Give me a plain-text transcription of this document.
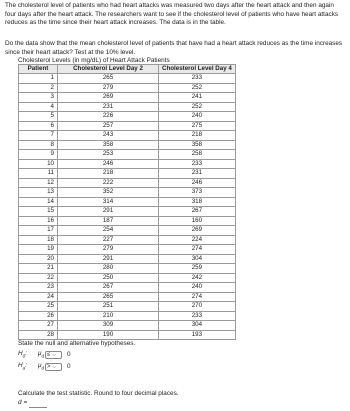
The cholesterol level of patients who had heart attacks was measured two days after the heart attack and then again four days after the heart attack. The researchers want to see if the cholesterol level of patients who have heart attacks reduces as the time since their heart attack increases. The data is in the table.
Do the data show that the mean cholesterol level of patients that have had a heart attack reduces as the time increases since their heart attack? Test at the 10% level.
Cholesterol Levels (in mg/dL) of Heart Attack Patients
Patient	Cholesterol Level Day 2	Cholesterol Level Day 4
1	265	233
2	279	252
3	269	241
4	231	252
5	226	240
6	257	275
7	243	218
8	358	358
9	253	258
10	246	233
11	218	231
12	222	246
13	352	373
14	314	318
15	291	267
16	187	160
17	254	269
18	227	224
19	279	274
20	291	304
21	280	259
22	250	242
23	267	240
24	265	274
25	251	270
26	210	233
27	309	304
28	190	193
State the null and alternative hypotheses.
$H_0$:	$\mu_d$ ≤ ⌵ 0
$H_a$:	$\mu_d$ > ⌵ 0
Calculate the test statistic. Round to four decimal places.
d =
